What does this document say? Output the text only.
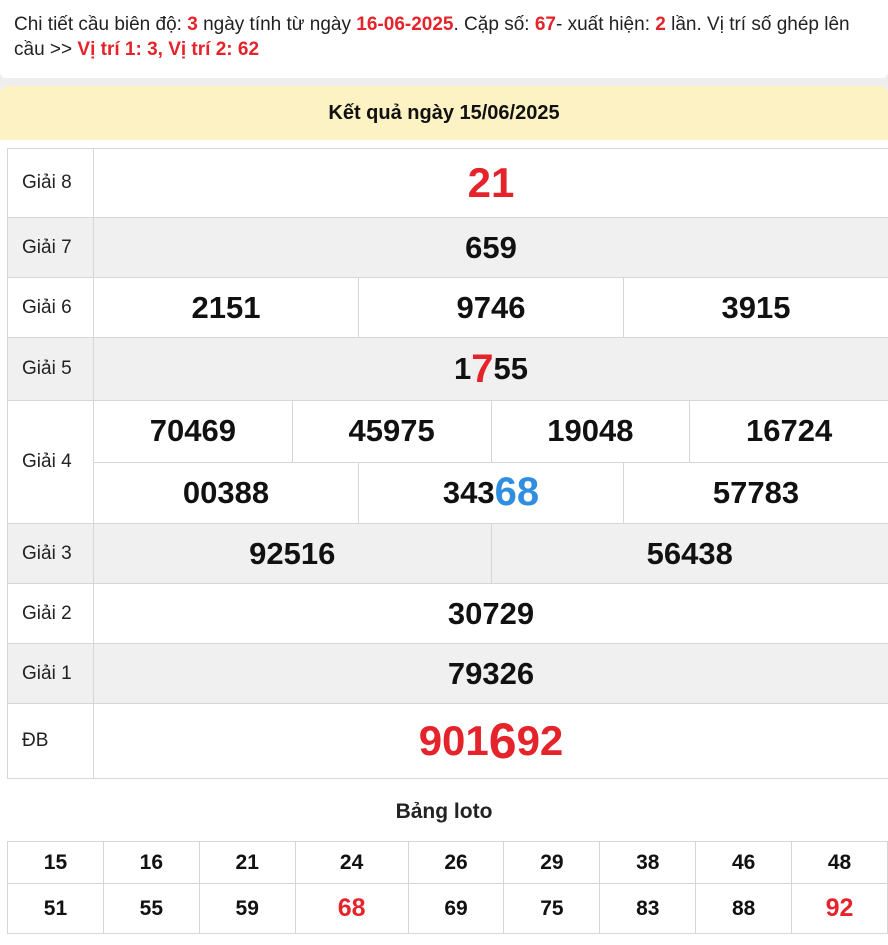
Chi tiết cầu biên độ: 3 ngày tính từ ngày 16-06-2025. Cặp số: 67- xuất hiện: 2 lần. Vị trí số ghép lên cầu >> Vị trí 1: 3, Vị trí 2: 62
Kết quả ngày 15/06/2025
Giải 8	21
Giải 7	659
Giải 6	2151	9746	3915
Giải 5	1 7 55
Giải 4
70469	45975	19048	16724
00388	343 68	57783
Giải 3	92516	56438
Giải 2	30729
Giải 1	79326
ĐB	901 6 92
Bảng loto
15	16	21	24	26	29	38	46	48
51	55	59	68	69	75	83	88	92
